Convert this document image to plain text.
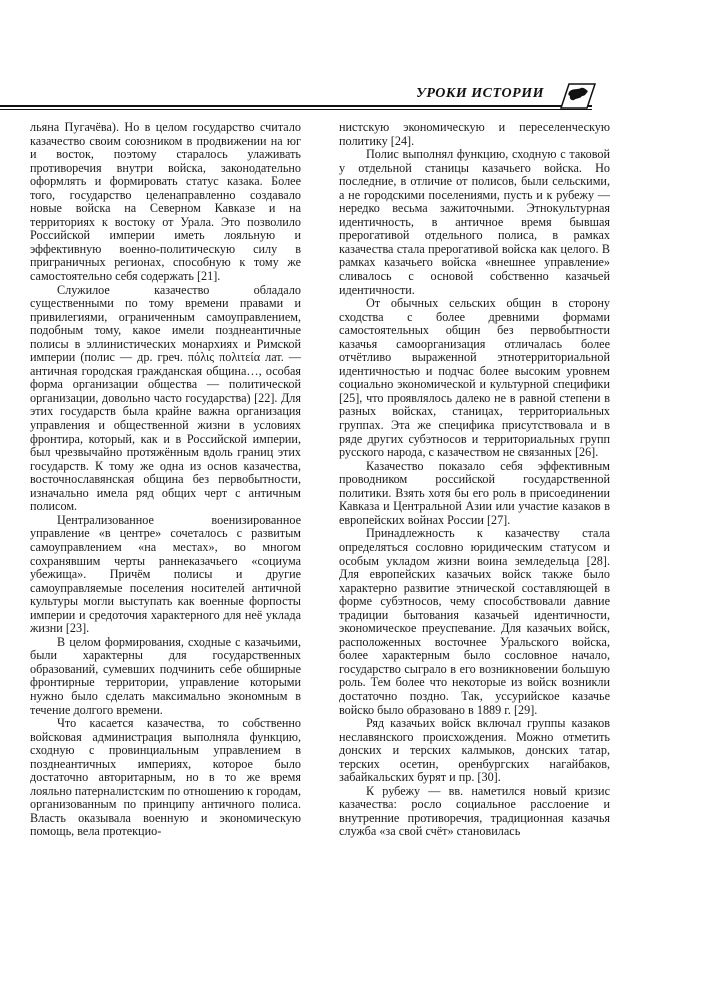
УРОКИ ИСТОРИИ

льяна Пугачёва). Но в целом государство считало казачество своим союзником в продвижении на юг и восток, поэтому старалось улаживать противоречия внутри войска, законодательно оформлять и формировать статус казака. Более того, государство целенаправленно создавало новые войска на Северном Кавказе и на территориях к востоку от Урала. Это позволило Российской империи иметь лояльную и эффективную военно-политическую силу в приграничных регионах, способную к тому же самостоятельно себя содержать [21].

Служилое казачество обладало существенными по тому времени правами и привилегиями, ограниченным самоуправлением, подобным тому, какое имели позднеантичные полисы в эллинистических монархиях и Римской империи (полис — др. греч. πόλις πολιτεία лат. — античная городская гражданская община…, особая форма организации общества — политической организации, довольно часто государства) [22]. Для этих государств была крайне важна организация управления и общественной жизни в условиях фронтира, который, как и в Российской империи, был чрезвычайно протяжённым вдоль границ этих государств. К тому же одна из основ казачества, восточнославянская община без первобытности, изначально имела ряд общих черт с античным полисом.

Централизованное военизированное управление «в центре» сочеталось с развитым самоуправлением «на местах», во многом сохранявшим черты раннеказачьего «социума убежища». Причём полисы и другие самоуправляемые поселения носителей античной культуры могли выступать как военные форпосты империи и средоточия характерного для неё уклада жизни [23].

В целом формирования, сходные с казачьими, были характерны для государственных образований, сумевших подчинить себе обширные фронтирные территории, управление которыми нужно было сделать максимально экономным в течение долгого времени.

Что касается казачества, то собственно войсковая администрация выполняла функцию, сходную с провинциальным управлением в позднеантичных империях, которое было достаточно авторитарным, но в то же время лояльно патерналистским по отношению к городам, организованным по принципу античного полиса. Власть оказывала военную и экономическую помощь, вела протекцио-

нистскую экономическую и переселенческую политику [24].

Полис выполнял функцию, сходную с таковой у отдельной станицы казачьего войска. Но последние, в отличие от полисов, были сельскими, а не городскими поселениями, пусть и к рубежу — нередко весьма зажиточными. Этнокультурная идентичность, в античное время бывшая прерогативой отдельного полиса, в рамках казачества стала прерогативой войска как целого. В рамках казачьего войска «внешнее управление» сливалось с основой собственно казачьей идентичности.

От обычных сельских общин в сторону сходства с более древними формами самоcтоятельных общин без первобытности казачья самоорганизация отличалась более отчётливо выраженной этнотерриториальной идентичностью и подчас более высоким уровнем социально экономической и культурной специфики [25], что проявлялось далеко не в равной степени в разных войсках, станицах, территориальных группах. Эта же специфика присутствовала и в ряде других субэтносов и территориальных групп русского народа, с казачеством не связанных [26].

Казачество показало себя эффективным проводником российской государственной политики. Взять хотя бы его роль в присоединении Кавказа и Центральной Азии или участие казаков в европейских войнах России [27].

Принадлежность к казачеству стала определяться сословно юридическим статусом и особым укладом жизни воина земледельца [28]. Для европейских казачьих войск также было характерно развитие этнической составляющей в форме субэтносов, чему способствовали давние традиции бытования казачьей идентичности, экономическое преуспевание. Для казачьих войск, расположенных восточнее Уральского войска, более характерным было сословное начало, государство сыграло в его возникновении большую роль. Тем более что некоторые из войск возникли достаточно поздно. Так, уссурийское казачье войско было образовано в 1889 г. [29].

Ряд казачьих войск включал группы казаков неславянского происхождения. Можно отметить донских и терских калмыков, донских татар, терских осетин, оренбургских нагайбаков, забайкальских бурят и пр. [30].

К рубежу — вв. наметился новый кризис казачества: росло социальное расслоение и внутренние противоречия, традиционная казачья служба «за свой счёт» становилась
